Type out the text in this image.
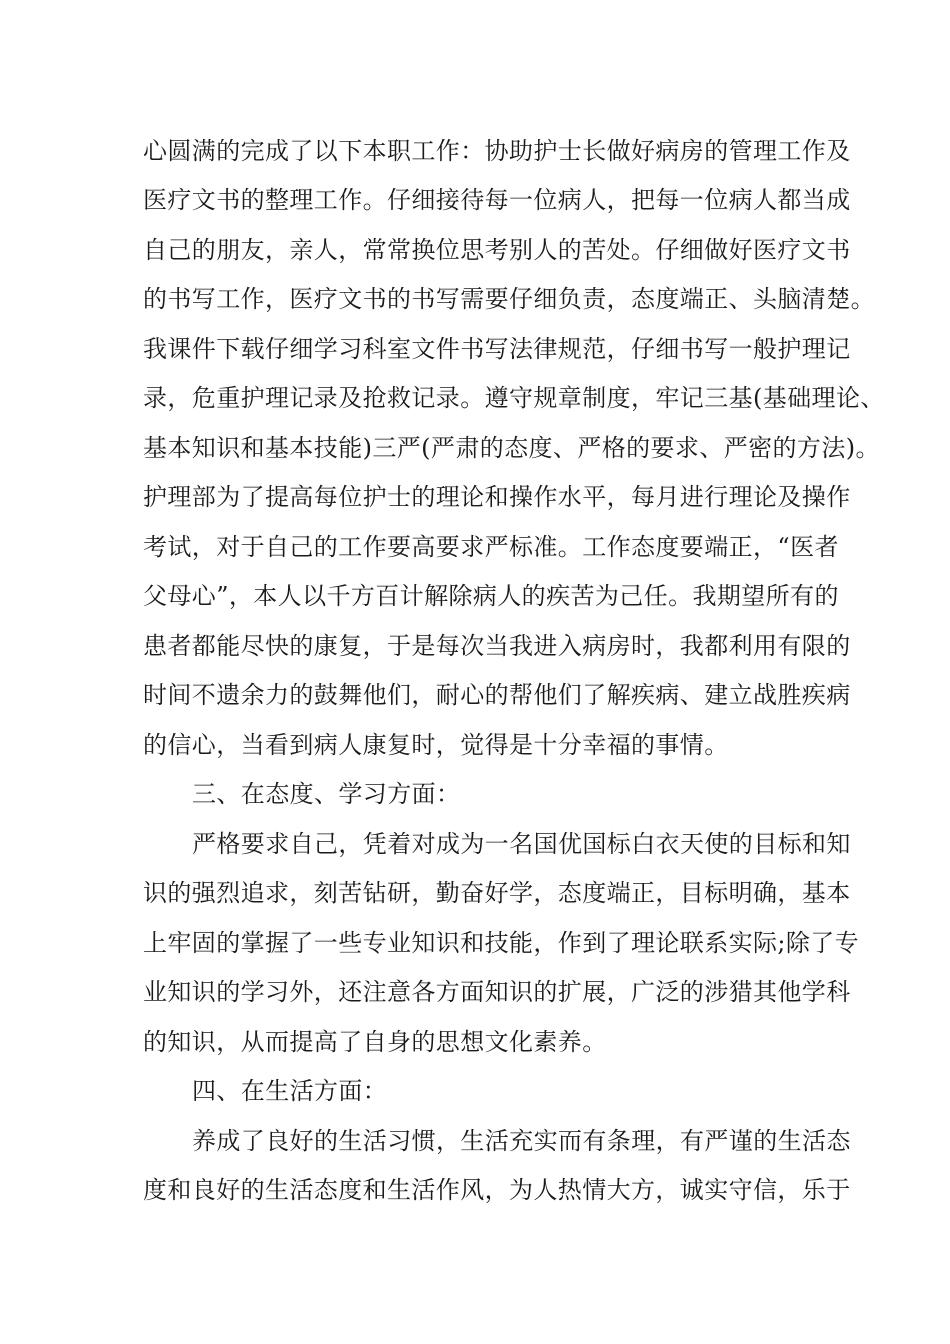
心圆满的完成了以下本职工作：协助护士长做好病房的管理工作及
医疗文书的整理工作。仔细接待每一位病人，把每一位病人都当成
自己的朋友，亲人，常常换位思考别人的苦处。仔细做好医疗文书
的书写工作，医疗文书的书写需要仔细负责，态度端正、头脑清楚。
我课件下载仔细学习科室文件书写法律规范，仔细书写一般护理记
录，危重护理记录及抢救记录。遵守规章制度，牢记三基(基础理论、
基本知识和基本技能)三严(严肃的态度、严格的要求、严密的方法)。
护理部为了提高每位护士的理论和操作水平，每月进行理论及操作
考试，对于自己的工作要高要求严标准。工作态度要端正，“医者
父母心”，本人以千方百计解除病人的疾苦为己任。我期望所有的
患者都能尽快的康复，于是每次当我进入病房时，我都利用有限的
时间不遗余力的鼓舞他们，耐心的帮他们了解疾病、建立战胜疾病
的信心，当看到病人康复时，觉得是十分幸福的事情。
三、在态度、学习方面：
严格要求自己，凭着对成为一名国优国标白衣天使的目标和知
识的强烈追求，刻苦钻研，勤奋好学，态度端正，目标明确，基本
上牢固的掌握了一些专业知识和技能，作到了理论联系实际;除了专
业知识的学习外，还注意各方面知识的扩展，广泛的涉猎其他学科
的知识，从而提高了自身的思想文化素养。
四、在生活方面：
养成了良好的生活习惯，生活充实而有条理，有严谨的生活态
度和良好的生活态度和生活作风，为人热情大方，诚实守信，乐于
